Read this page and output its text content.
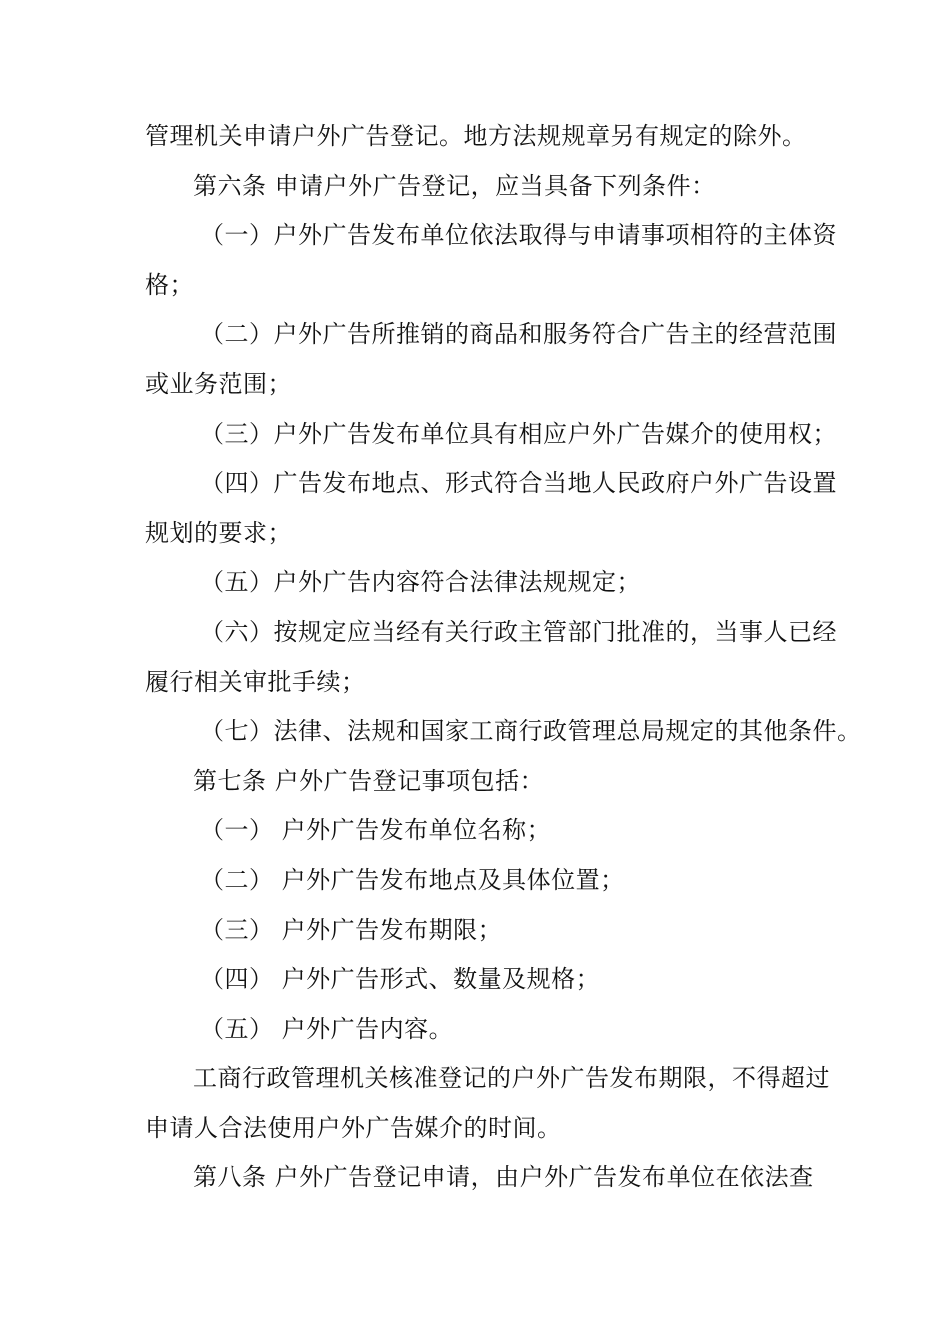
管理机关申请户外广告登记。地方法规规章另有规定的除外。
第六条 申请户外广告登记，应当具备下列条件：
（一）户外广告发布单位依法取得与申请事项相符的主体资
格；
（二）户外广告所推销的商品和服务符合广告主的经营范围
或业务范围；
（三）户外广告发布单位具有相应户外广告媒介的使用权；
（四）广告发布地点、形式符合当地人民政府户外广告设置
规划的要求；
（五）户外广告内容符合法律法规规定；
（六）按规定应当经有关行政主管部门批准的，当事人已经
履行相关审批手续；
（七）法律、法规和国家工商行政管理总局规定的其他条件。
第七条 户外广告登记事项包括：
（一） 户外广告发布单位名称；
（二） 户外广告发布地点及具体位置；
（三） 户外广告发布期限；
（四） 户外广告形式、数量及规格；
（五） 户外广告内容。
工商行政管理机关核准登记的户外广告发布期限，不得超过
申请人合法使用户外广告媒介的时间。
第八条 户外广告登记申请，由户外广告发布单位在依法查
